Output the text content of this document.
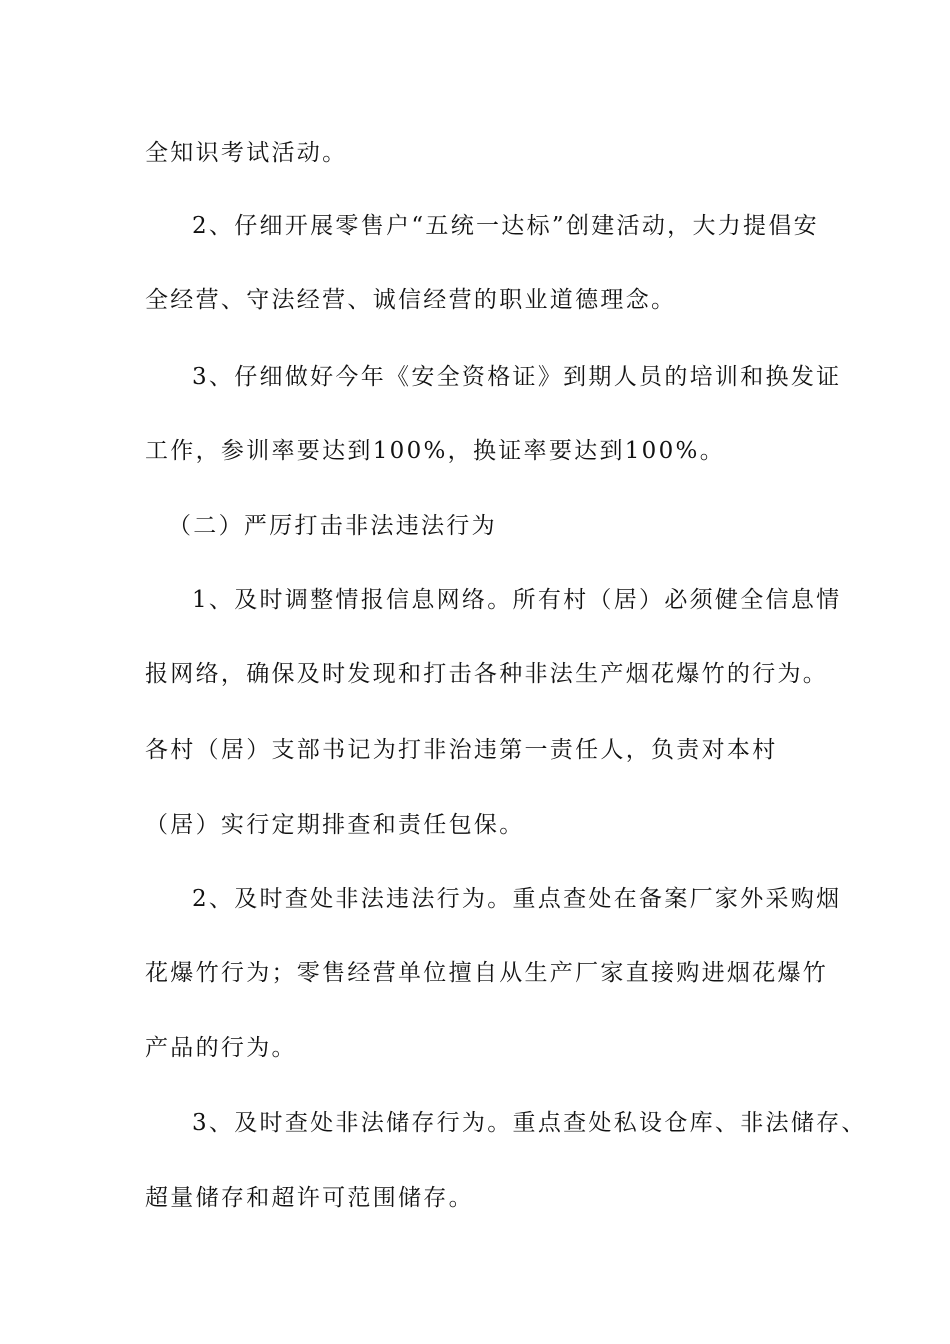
全知识考试活动。
2、仔细开展零售户“五统一达标”创建活动，大力提倡安
全经营、守法经营、诚信经营的职业道德理念。
3、仔细做好今年《安全资格证》到期人员的培训和换发证
工作，参训率要达到100%，换证率要达到100%。
（二）严厉打击非法违法行为
1、及时调整情报信息网络。所有村（居）必须健全信息情
报网络，确保及时发现和打击各种非法生产烟花爆竹的行为。
各村（居）支部书记为打非治违第一责任人，负责对本村
（居）实行定期排查和责任包保。
2、及时查处非法违法行为。重点查处在备案厂家外采购烟
花爆竹行为；零售经营单位擅自从生产厂家直接购进烟花爆竹
产品的行为。
3、及时查处非法储存行为。重点查处私设仓库、非法储存、
超量储存和超许可范围储存。
